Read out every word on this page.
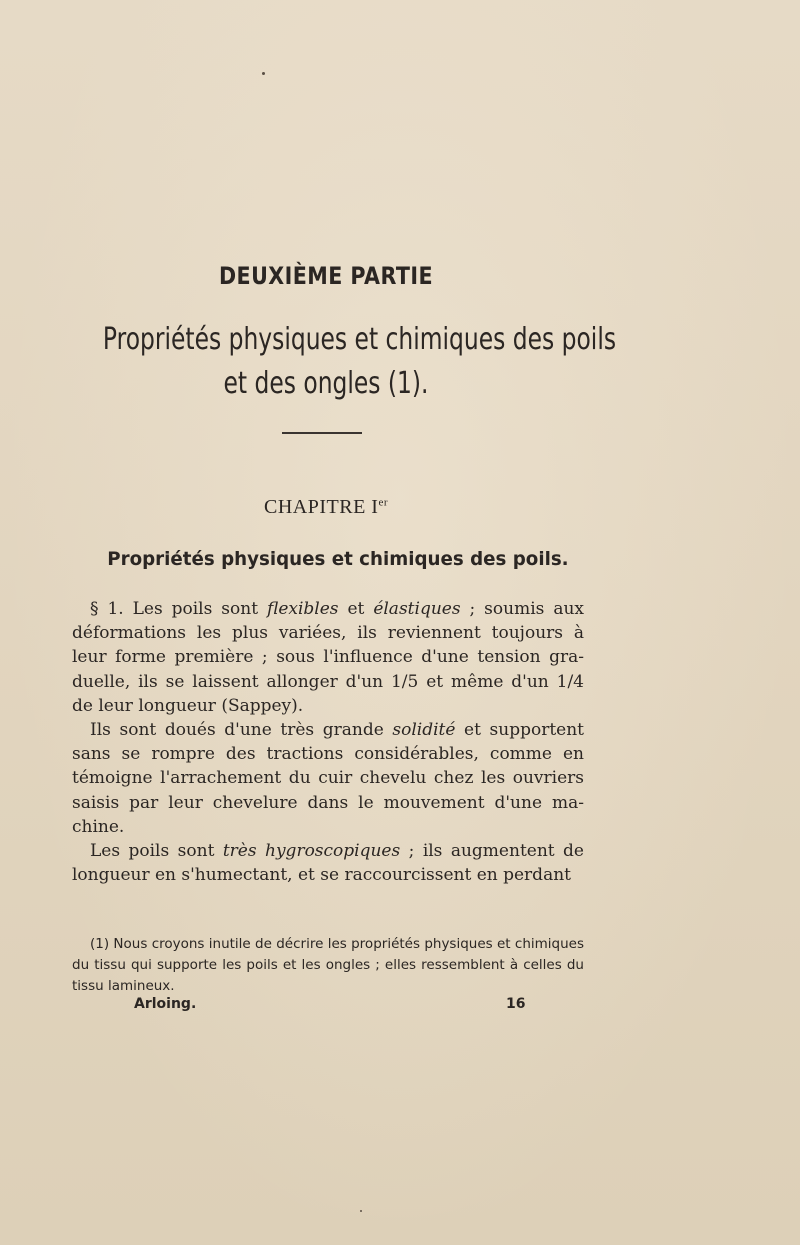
DEUXIÈME PARTIE
Propriétés physiques et chimiques des poils
et des ongles (1).
CHAPITRE Ier
Propriétés physiques et chimiques des poils.

§ 1. Les poils sont flexibles et élastiques ; soumis aux déformations les plus variées, ils reviennent toujours à leur forme première ; sous l'influence d'une tension graduelle, ils se laissent allonger d'un 1/5 et même d'un 1/4 de leur longueur (Sappey).

Ils sont doués d'une très grande solidité et supportent sans se rompre des tractions considérables, comme en témoigne l'arrachement du cuir chevelu chez les ouvriers saisis par leur chevelure dans le mouvement d'une machine.

Les poils sont très hygroscopiques ; ils augmentent de longueur en s'humectant, et se raccourcissent en perdant

(1) Nous croyons inutile de décrire les propriétés physiques et chimiques du tissu qui supporte les poils et les ongles ; elles ressemblent à celles du tissu lamineux.
Arloing.	16
